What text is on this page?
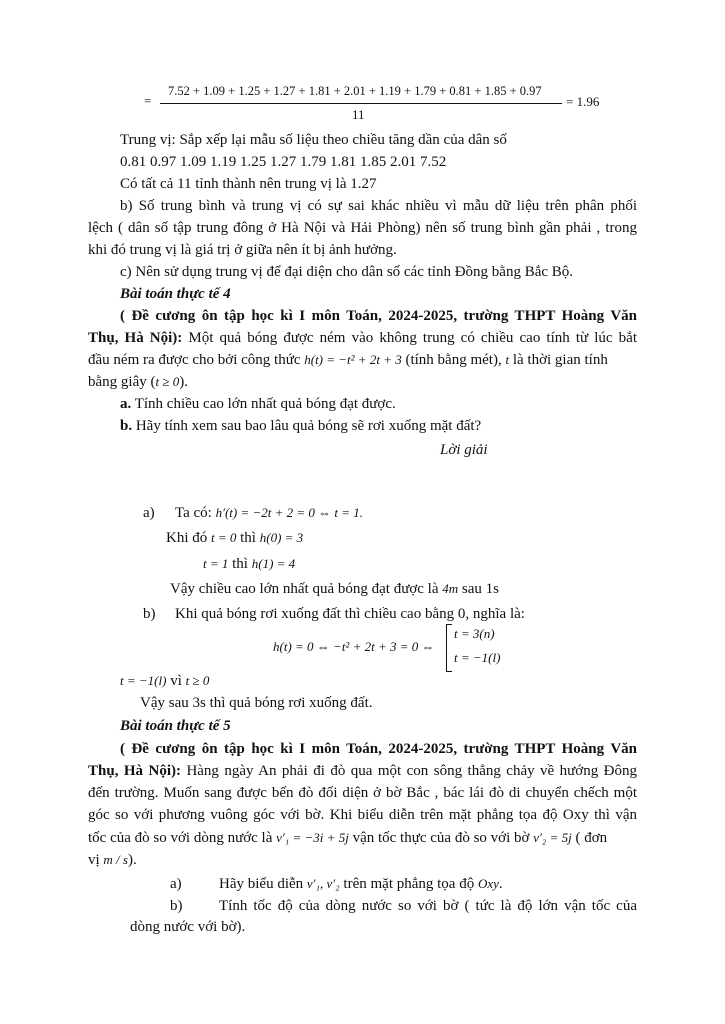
=
7.52 + 1.09 + 1.25 + 1.27 + 1.81 + 2.01 + 1.19 + 1.79 + 0.81 + 1.85 + 0.97
11
= 1.96
Trung vị: Sắp xếp lại mẫu số liệu theo chiều tăng dần của dân số
0.81 0.97 1.09 1.19 1.25 1.27 1.79 1.81 1.85 2.01 7.52
Có tất cả 11 tỉnh thành nên trung vị là 1.27
b) Số trung bình và trung vị có sự sai khác nhiều vì mẫu dữ liệu trên phân phối
lệch ( dân số tập trung đông ở Hà Nội và Hải Phòng) nên số trung bình gần phải , trong
khi đó trung vị là giá trị ở giữa nên ít bị ảnh hưởng.
c) Nên sử dụng trung vị để đại diện cho dân số các tỉnh Đồng bằng Bắc Bộ.
Bài toán thực tế 4
( Đề cương ôn tập học kì I môn Toán, 2024-2025, trường THPT Hoàng Văn
Thụ, Hà Nội): Một quả bóng được ném vào không trung có chiều cao tính từ lúc bắt
đầu ném ra được cho bởi công thức h(t) = −t² + 2t + 3 (tính bằng mét), t là thời gian tính
bằng giây (t ≥ 0).
a. Tính chiều cao lớn nhất quả bóng đạt được.
b. Hãy tính xem sau bao lâu quả bóng sẽ rơi xuống mặt đất?
Lời giải
a) Ta có: h′(t) = −2t + 2 = 0 ⇔ t = 1.
Khi đó t = 0 thì h(0) = 3
t = 1 thì h(1) = 4
Vậy chiều cao lớn nhất quả bóng đạt được là 4m sau 1s
b) Khi quả bóng rơi xuống đất thì chiều cao bằng 0, nghĩa là:
h(t) = 0 ⇔ −t² + 2t + 3 = 0 ⇔
t = 3(n)
t = −1(l)
t = −1(l) vì t ≥ 0
Vậy sau 3s thì quả bóng rơi xuống đất.
Bài toán thực tế 5
( Đề cương ôn tập học kì I môn Toán, 2024-2025, trường THPT Hoàng Văn
Thụ, Hà Nội): Hàng ngày An phải đi đò qua một con sông thẳng chảy về hướng Đông
đến trường. Muốn sang được bến đò đối diện ở bờ Bắc , bác lái đò di chuyển chếch một
góc so với phương vuông góc với bờ. Khi biểu diễn trên mặt phẳng tọa độ Oxy thì vận
tốc của đò so với dòng nước là v′₁ = −3i + 5j vận tốc thực của đò so với bờ v′₂ = 5j ( đơn
vị m / s).
a) Hãy biểu diễn v′₁, v′₂ trên mặt phẳng tọa độ Oxy.
b) Tính tốc độ của dòng nước so với bờ ( tức là độ lớn vận tốc của
dòng nước với bờ).
